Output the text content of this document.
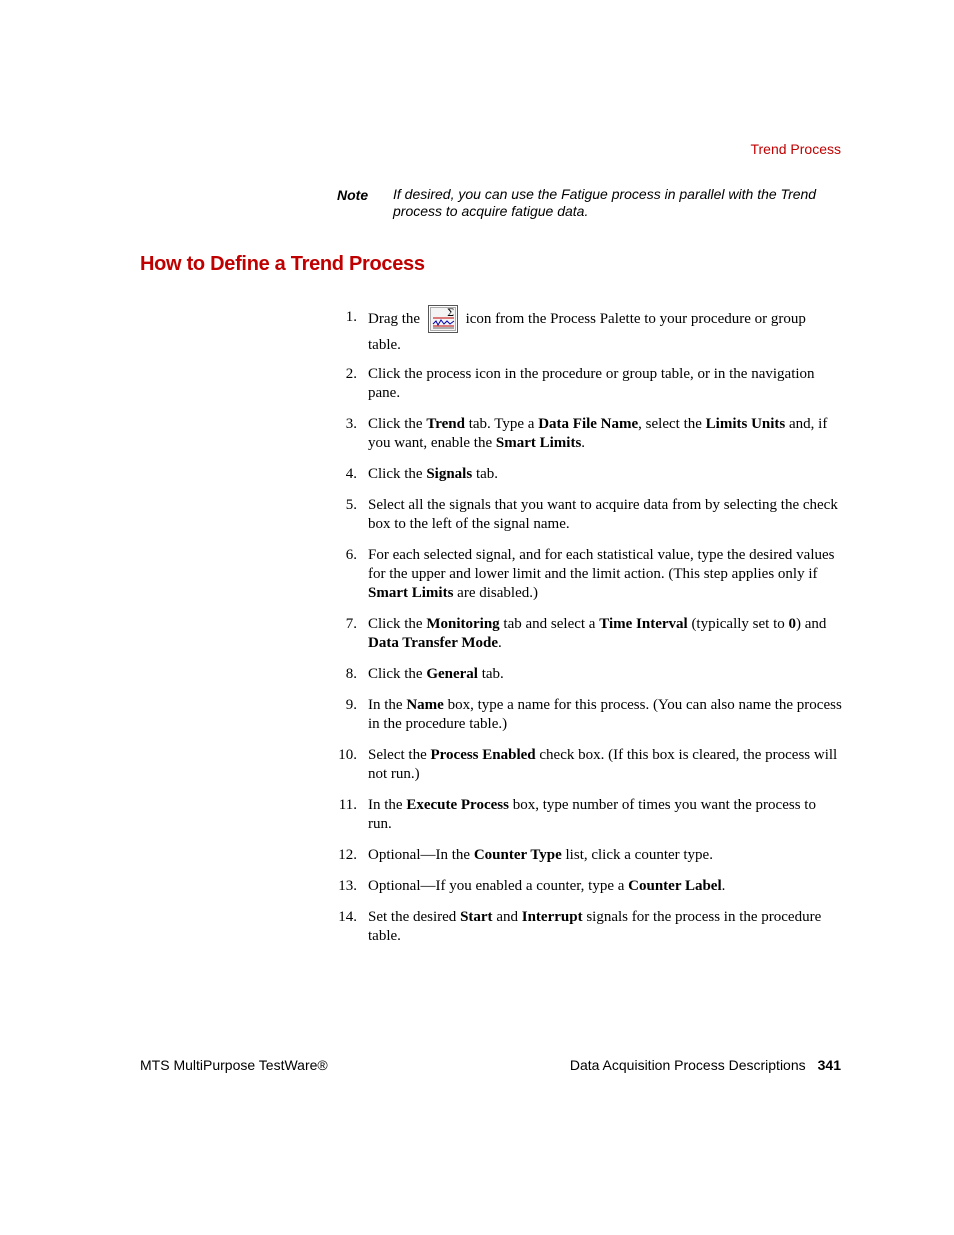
Trend Process
Note If desired, you can use the Fatigue process in parallel with the Trend process to acquire fatigue data.
How to Define a Trend Process
1. Drag the	Σ icon from the Process Palette to your procedure or group table.
2. Click the process icon in the procedure or group table, or in the navigation pane.
3. Click the Trend tab. Type a Data File Name, select the Limits Units and, if you want, enable the Smart Limits.
4. Click the Signals tab.
5. Select all the signals that you want to acquire data from by selecting the check box to the left of the signal name.
6. For each selected signal, and for each statistical value, type the desired values for the upper and lower limit and the limit action. (This step applies only if Smart Limits are disabled.)
7. Click the Monitoring tab and select a Time Interval (typically set to 0) and Data Transfer Mode.
8. Click the General tab.
9. In the Name box, type a name for this process. (You can also name the process in the procedure table.)
10. Select the Process Enabled check box. (If this box is cleared, the process will not run.)
11. In the Execute Process box, type number of times you want the process to run.
12. Optional—In the Counter Type list, click a counter type.
13. Optional—If you enabled a counter, type a Counter Label.
14. Set the desired Start and Interrupt signals for the process in the procedure table.
MTS MultiPurpose TestWare®	Data Acquisition Process Descriptions 341
